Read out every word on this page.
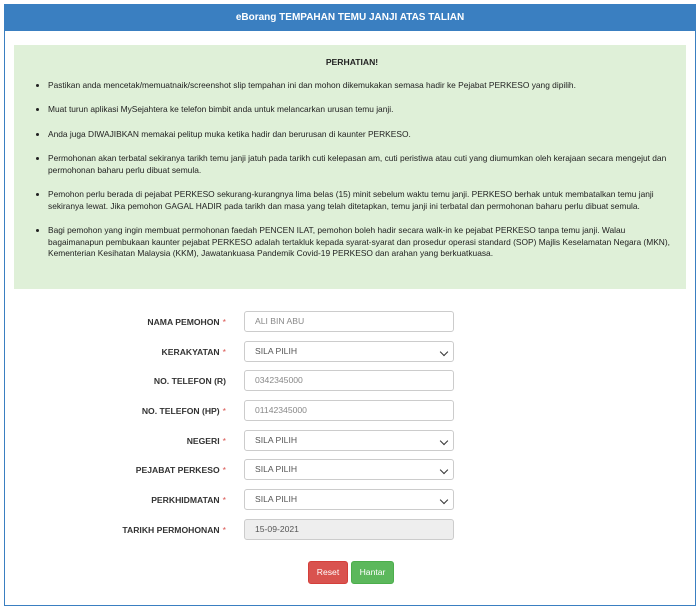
eBorang TEMPAHAN TEMU JANJI ATAS TALIAN
PERHATIAN!
• Pastikan anda mencetak/memuatnaik/screenshot slip tempahan ini dan mohon dikemukakan semasa hadir ke Pejabat PERKESO yang dipilih.
• Muat turun aplikasi MySejahtera ke telefon bimbit anda untuk melancarkan urusan temu janji.
• Anda juga DIWAJIBKAN memakai pelitup muka ketika hadir dan berurusan di kaunter PERKESO.
• Permohonan akan terbatal sekiranya tarikh temu janji jatuh pada tarikh cuti kelepasan am, cuti peristiwa atau cuti yang diumumkan oleh kerajaan secara mengejut dan permohonan baharu perlu dibuat semula.
• Pemohon perlu berada di pejabat PERKESO sekurang-kurangnya lima belas (15) minit sebelum waktu temu janji. PERKESO berhak untuk membatalkan temu janji sekiranya lewat. Jika pemohon GAGAL HADIR pada tarikh dan masa yang telah ditetapkan, temu janji ini terbatal dan permohonan baharu perlu dibuat semula.
• Bagi pemohon yang ingin membuat permohonan faedah PENCEN ILAT, pemohon boleh hadir secara walk-in ke pejabat PERKESO tanpa temu janji. Walau bagaimanapun pembukaan kaunter pejabat PERKESO adalah tertakluk kepada syarat-syarat dan prosedur operasi standard (SOP) Majlis Keselamatan Negara (MKN), Kementerian Kesihatan Malaysia (KKM), Jawatankuasa Pandemik Covid-19 PERKESO dan arahan yang berkuatkuasa.
NAMA PEMOHON *	ALI BIN ABU
KERAKYATAN *	SILA PILIH
NO. TELEFON (R)	0342345000
NO. TELEFON (HP) *	01142345000
NEGERI *	SILA PILIH
PEJABAT PERKESO *	SILA PILIH
PERKHIDMATAN *	SILA PILIH
TARIKH PERMOHONAN *	15-09-2021
Reset	Hantar
